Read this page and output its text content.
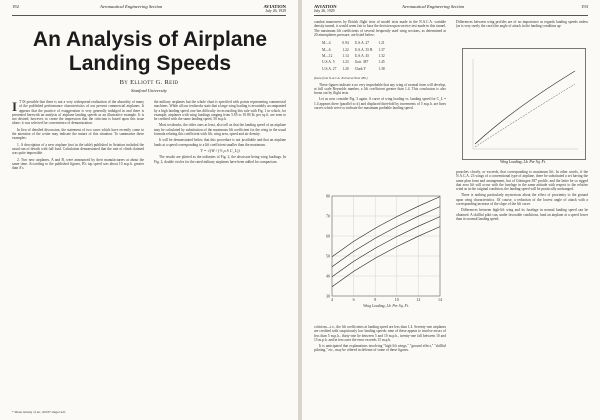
192	Aeronautical Engineering Section	AVIATION
July 26, 1929
An Analysis of Airplane
Landing Speeds
By Elliott G. Reid
Stanford University

I T IS possible that there is not a very widespread realization of the absurdity of many of the published performance characteristics of our present commercial airplanes. It appears that the practice of exaggeration is very generally indulged in and there is presented herewith an analysis of airplane landing speeds as an illustrative example. It is not desired, however, to create the impression that the criticism is based upon this issue alone; it was selected for convenience of demonstration.

In lieu of detailed discussion, the statement of two cases which have recently come to the attention of the writer may indicate the nature of this situation. To summarize these examples:

1. A description of a new airplane (not in the table) published in Aviation included the usual run of details with full load. Calculation demonstrated that the rate of climb claimed was quite impossible.

2. Two new airplanes, A and B, were announced by their manufacturers at about the same time. According to the published figures, B's top speed was about 10 m.p.h. greater than A's.

the military airplanes but the whole chart is specified with points representing commercial machines. While all our textbooks state that a large wing loading is invariably accompanied by a high landing speed, one has difficulty in reconciling this rule with Fig. 1 in which, for example, airplanes with wing loadings ranging from 5.85 to 10.80 lb. per sq.ft. are seen to be credited with the same landing speed, 50 m.p.h.

Most textbooks, the older ones at least, also tell us that the landing speed of an airplane may be calculated by substitution of the maximum lift coefficient for the wing in the usual formula relating this coefficient with lift, wing area, speed and air density.

It will be demonstrated below that this procedure is not justifiable and that an airplane lands at a speed corresponding to a lift coefficient smaller than the maximum.

V = √(W / (½ ρ S C_L))

The results are plotted as the ordinates of Fig. 2, the abscissae being wing loadings. In Fig. 2, double circles for the rated military airplanes have been added for comparison.

* Mean density of air, .00237 slugs/cu.ft.
AVIATION
July 26, 1929
Aeronautical Engineering Section	193

combat maneuvers by British flight tests of model tests made in the N.A.C.A. variable density tunnel, it would seem fair to base the decision upon service test made in this tunnel. The maximum lift coefficients of several frequently used wing sections, as determined at 20 atmospheres pressure, are listed below:

M—4	0.94	U.S.A. 27	1.21
M—6	1.22	U.S.A. 35 B	1.37
M—12	1.14	U.S.A. 45	1.32
U.S.A. 5	1.23	Gott. 387	1.45
U.S.A. 27	1.20	Clark Y	1.38
(Data from N.A.C.A. Technical Note 286.)

These figures indicate a no very improbable that any wing of normal form will develop, at full scale Reynolds number, a lift coefficient greater than 1.4. This conclusion is also borne out by flight tests.

Let us now consider Fig. 3 again. A curve of wing loading vs. landing speed for C_L = 1.4 appears there (parallel to it) and displaced threefold by increments of 5 m.p.h. are lines curves which serve to indicate the maximum probable landing speed.

4	6	8	10	12	14
30
40
50
60
70
80
Wing Loading, Lb. Per Sq. Ft.

criticism—i.e., the lift coefficients at landing speed are less than 1.4. Seventy-one airplanes are credited with suspiciously low landing speeds; nine of these appear to involve errors of less than 5 m.p.h., thirty-one lie between 5 and 10 m.p.h., twenty-one fall between 10 and 15 m.p.h. and in ten cases the error exceeds 15 m.p.h.

It is anticipated that explanations involving "high lift wings," "ground effect," "skillful piloting," etc., may be offered in defense of some of these figures.

Differences between wing profiles are of no importance as regards landing speeds unless (as is very rarely the case) the angle of attack in the landing condition ap-

Wing Loading, Lb. Per Sq. Ft.

proaches closely, or exceeds, that corresponding to maximum lift. In other words, if the N.A.C.A. 23 wings of a conventional type of airplane, there be substituted a set having the same plan form and arrangement, but of Göttingen 387 profile, and the latter be so rigged that zero lift will occur with the fuselage in the same attitude with respect to the relative wind as in the original condition, the landing speed will be practically unchanged.

There is nothing particularly mysterious about the effect of proximity to the ground upon wing characteristics. Of course, a reduction of the lowest angle of attack with a corresponding increase of the slope of the lift curve.

Differences between high-lift wing and its fuselage in normal landing speed can be obtained. A skillful pilot can, under favorable conditions, land an airplane at a speed lower than its normal landing speed.
